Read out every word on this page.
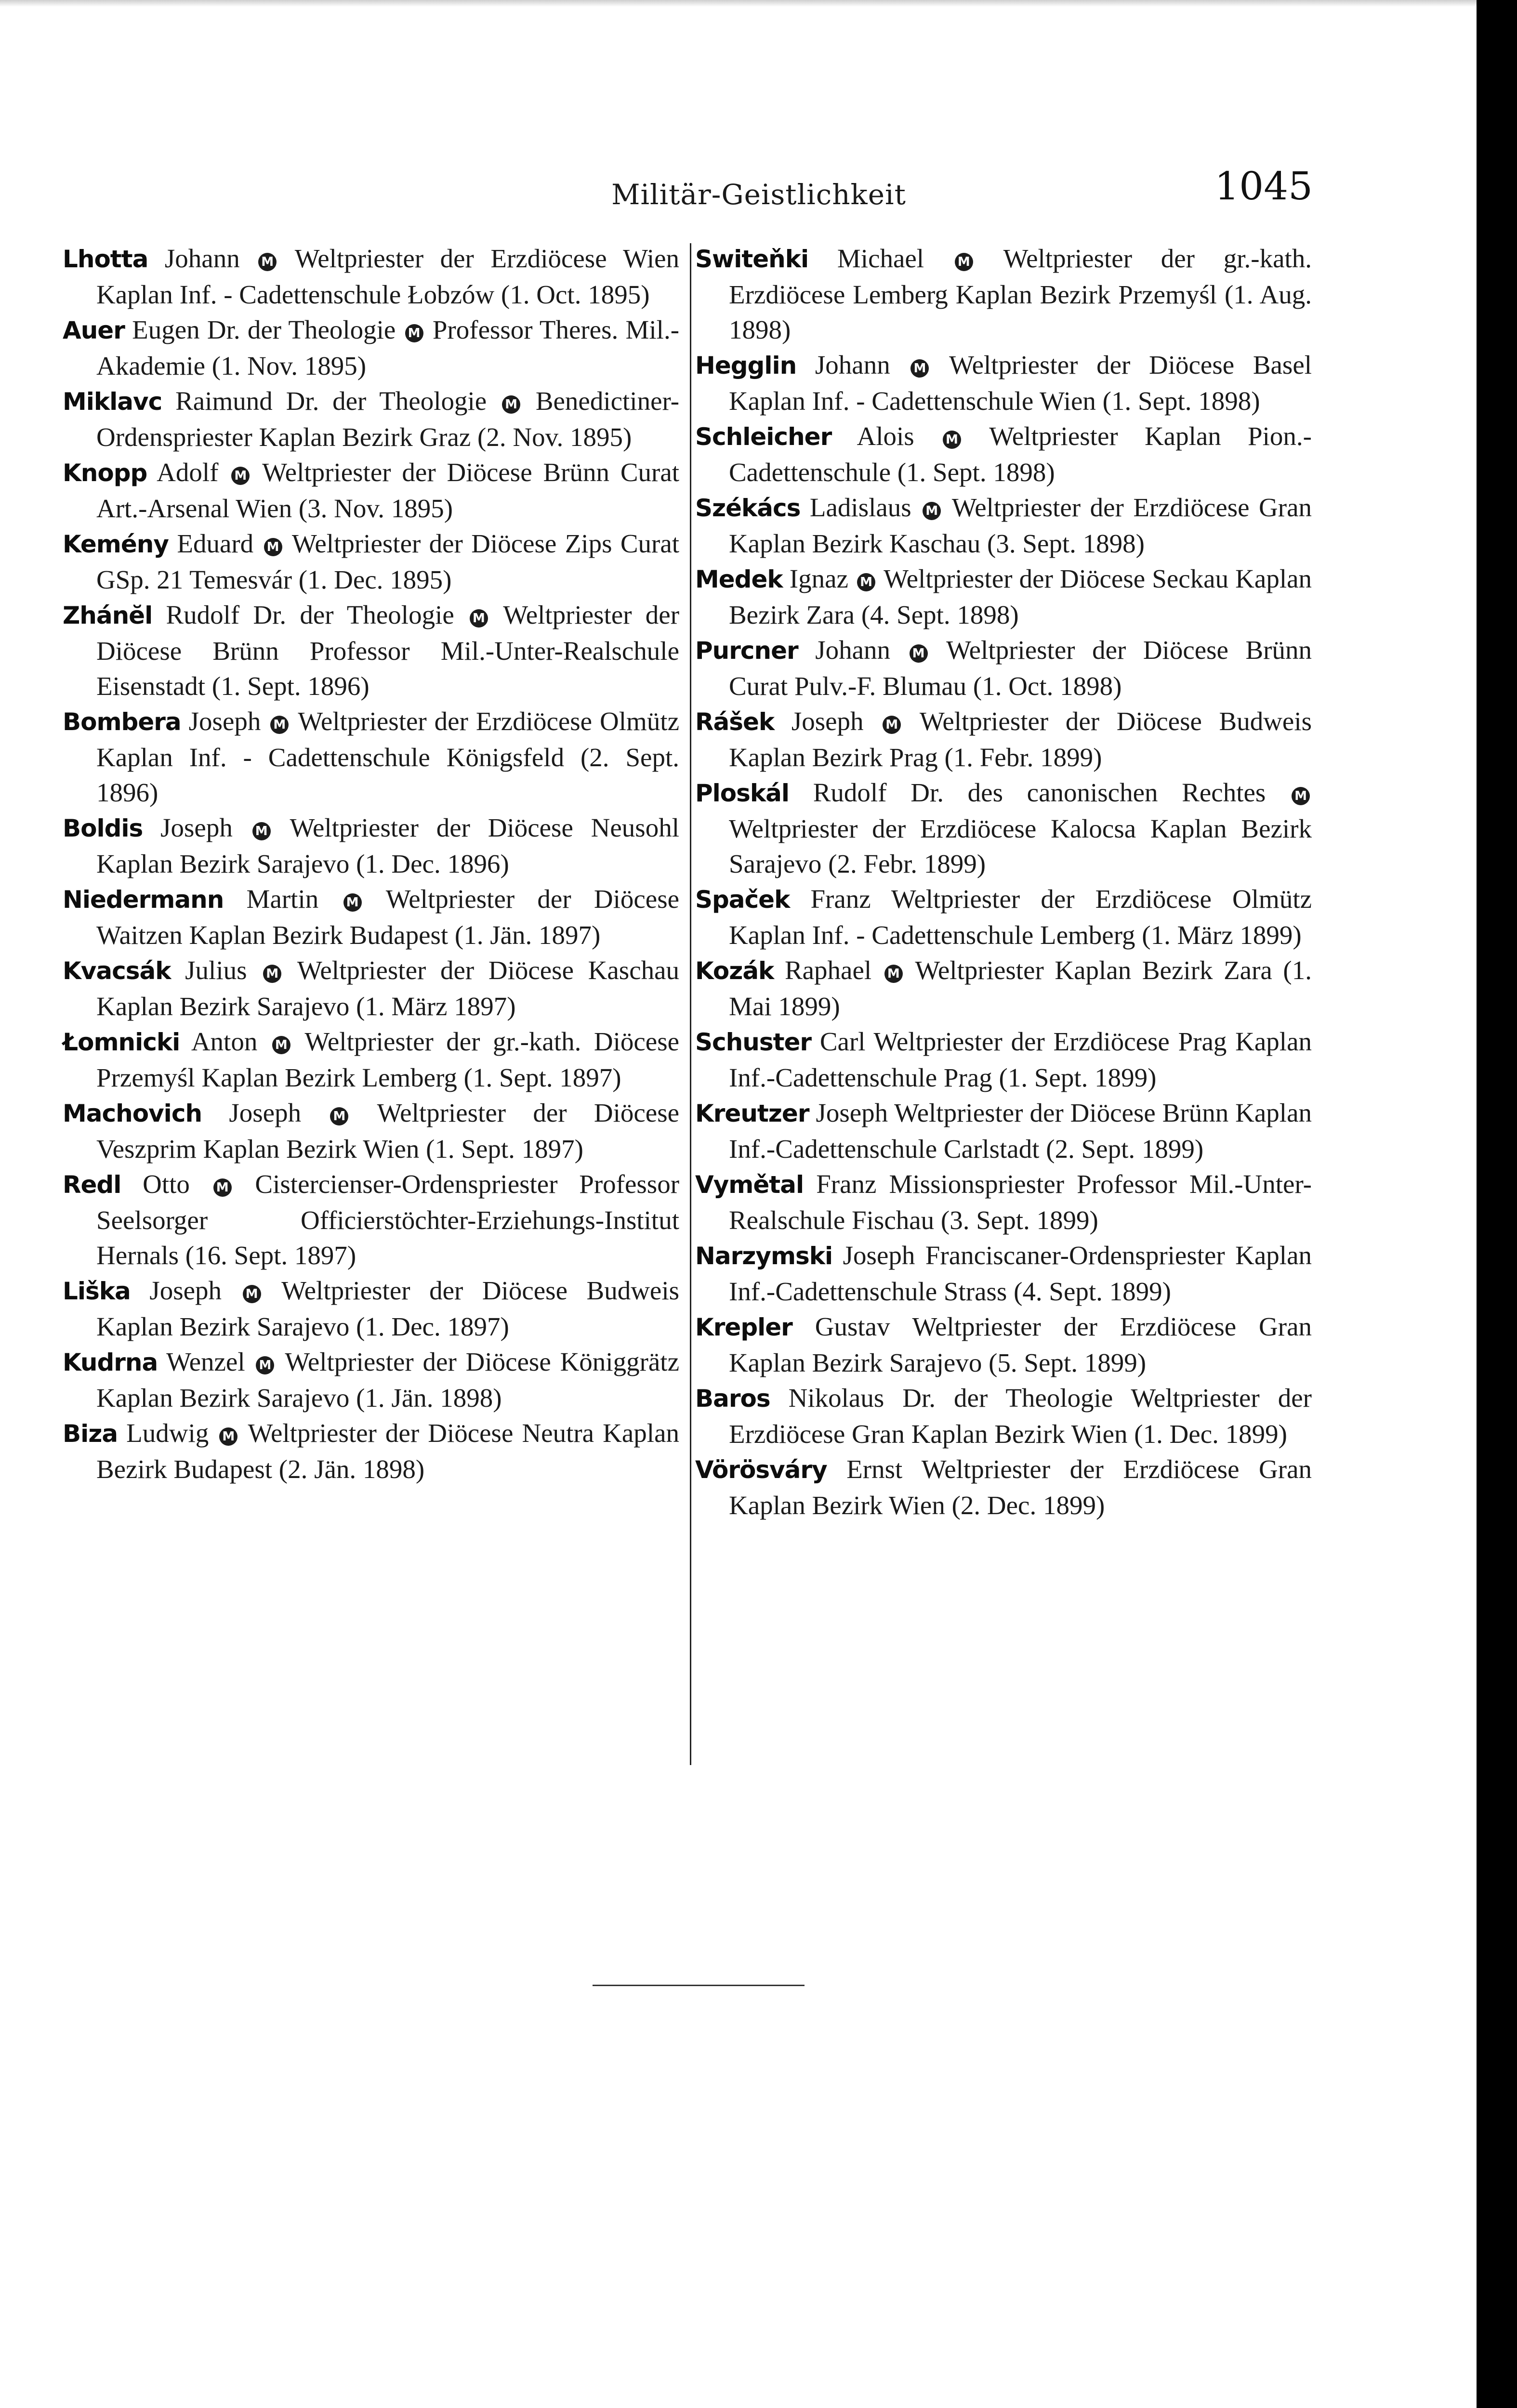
Militär-Geistlichkeit	1045

Lhotta Johann M Weltpriester der Erzdiöcese Wien Kaplan Inf. - Cadettenschule Łobzów (1. Oct. 1895)

Auer Eugen Dr. der Theologie M Professor Theres. Mil.-Akademie (1. Nov. 1895)

Miklavc Raimund Dr. der Theologie M Benedictiner-Ordenspriester Kaplan Bezirk Graz (2. Nov. 1895)

Knopp Adolf M Weltpriester der Diöcese Brünn Curat Art.-Arsenal Wien (3. Nov. 1895)

Kemény Eduard M Weltpriester der Diöcese Zips Curat GSp. 21 Temesvár (1. Dec. 1895)

Zhánĕl Rudolf Dr. der Theologie M Weltpriester der Diöcese Brünn Professor Mil.-Unter-Realschule Eisenstadt (1. Sept. 1896)

Bombera Joseph M Weltpriester der Erzdiöcese Olmütz Kaplan Inf. - Cadettenschule Königsfeld (2. Sept. 1896)

Boldis Joseph M Weltpriester der Diöcese Neusohl Kaplan Bezirk Sarajevo (1. Dec. 1896)

Niedermann Martin M Weltpriester der Diöcese Waitzen Kaplan Bezirk Budapest (1. Jän. 1897)

Kvacsák Julius M Weltpriester der Diöcese Kaschau Kaplan Bezirk Sarajevo (1. März 1897)

Łomnicki Anton M Weltpriester der gr.-kath. Diöcese Przemyśl Kaplan Bezirk Lemberg (1. Sept. 1897)

Machovich Joseph	M Weltpriester der Diöcese Veszprim Kaplan Bezirk Wien (1. Sept. 1897)

Redl Otto M Cistercienser-Ordenspriester Professor Seelsorger Officierstöchter-Erziehungs-Institut Hernals (16. Sept. 1897)

Liška Joseph M Weltpriester der Diöcese Budweis Kaplan Bezirk Sarajevo (1. Dec. 1897)

Kudrna Wenzel M Weltpriester der Diöcese Königgrätz Kaplan Bezirk Sarajevo (1. Jän. 1898)

Biza Ludwig M Weltpriester der Diöcese Neutra Kaplan Bezirk Budapest (2. Jän. 1898)

Switeňki Michael	M Weltpriester der gr.-kath. Erzdiöcese Lemberg Kaplan Bezirk Przemyśl (1. Aug. 1898)

Hegglin Johann M Weltpriester der Diöcese Basel Kaplan Inf. - Cadettenschule Wien (1. Sept. 1898)

Schleicher Alois	M Weltpriester Kaplan Pion.-Cadettenschule (1. Sept. 1898)

Székács Ladislaus M Weltpriester der Erzdiöcese Gran Kaplan Bezirk Kaschau (3. Sept. 1898)

Medek Ignaz M Weltpriester der Diöcese Seckau Kaplan Bezirk Zara (4. Sept. 1898)

Purcner Johann M Weltpriester der Diöcese Brünn Curat Pulv.-F. Blumau (1. Oct. 1898)

Rášek Joseph M Weltpriester der Diöcese Budweis Kaplan Bezirk Prag (1. Febr. 1899)

Ploskál Rudolf Dr. des canonischen Rechtes M Weltpriester der Erzdiöcese Kalocsa Kaplan Bezirk Sarajevo (2. Febr. 1899)

Spaček Franz Weltpriester der Erzdiöcese Olmütz Kaplan Inf. - Cadettenschule Lemberg (1. März 1899)

Kozák Raphael M Weltpriester Kaplan Bezirk Zara (1. Mai 1899)

Schuster Carl Weltpriester der Erzdiöcese Prag Kaplan Inf.-Cadettenschule Prag (1. Sept. 1899)

Kreutzer Joseph Weltpriester der Diöcese Brünn Kaplan Inf.-Cadettenschule Carlstadt (2. Sept. 1899)

Vymětal Franz Missionspriester Professor Mil.-Unter-Realschule Fischau (3. Sept. 1899)

Narzymski Joseph Franciscaner-Ordenspriester Kaplan Inf.-Cadettenschule Strass (4. Sept. 1899)

Krepler Gustav Weltpriester der Erzdiöcese Gran Kaplan Bezirk Sarajevo (5. Sept. 1899)

Baros Nikolaus Dr. der Theologie Weltpriester der Erzdiöcese Gran Kaplan Bezirk Wien (1. Dec. 1899)

Vörösváry Ernst Weltpriester der Erzdiöcese Gran Kaplan Bezirk Wien (2. Dec. 1899)
